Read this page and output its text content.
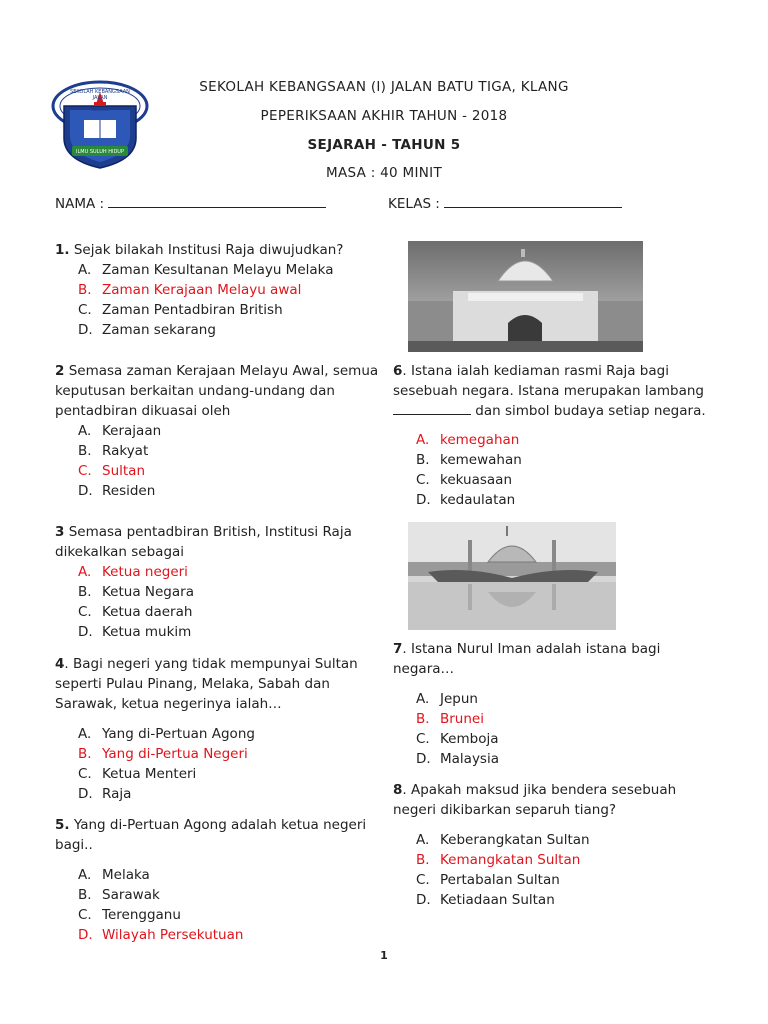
SEKOLAH KEBANGSAAN JALAN
KLANG
ILMU SULUH HIDUP
SEKOLAH KEBANGSAAN (I) JALAN BATU TIGA, KLANG
PEPERIKSAAN AKHIR TAHUN - 2018
SEJARAH - TAHUN 5
MASA : 40 MINIT
NAMA :	KELAS :
1. Sejak bilakah Institusi Raja diwujudkan?
A. Zaman Kesultanan Melayu Melaka
B. Zaman Kerajaan Melayu awal
C. Zaman Pentadbiran British
D. Zaman sekarang
2 Semasa zaman Kerajaan Melayu Awal, semua
keputusan berkaitan undang-undang dan
pentadbiran dikuasai oleh
A. Kerajaan
B. Rakyat
C. Sultan
D. Residen
3 Semasa pentadbiran British, Institusi Raja
dikekalkan sebagai
A. Ketua negeri
B. Ketua Negara
C. Ketua daerah
D. Ketua mukim
4. Bagi negeri yang tidak mempunyai Sultan
seperti Pulau Pinang, Melaka, Sabah dan
Sarawak, ketua negerinya ialah…
A. Yang di-Pertuan Agong
B. Yang di-Pertua Negeri
C. Ketua Menteri
D. Raja
5. Yang di-Pertuan Agong adalah ketua negeri
bagi..
A. Melaka
B. Sarawak
C. Terengganu
D. Wilayah Persekutuan
6. Istana ialah kediaman rasmi Raja bagi
sesebuah negara. Istana merupakan lambang
dan simbol budaya setiap negara.
A. kemegahan
B. kemewahan
C. kekuasaan
D. kedaulatan
7. Istana Nurul Iman adalah istana bagi
negara…
A. Jepun
B. Brunei
C. Kemboja
D. Malaysia
8. Apakah maksud jika bendera sesebuah
negeri dikibarkan separuh tiang?
A. Keberangkatan Sultan
B. Kemangkatan Sultan
C. Pertabalan Sultan
D. Ketiadaan Sultan
1
